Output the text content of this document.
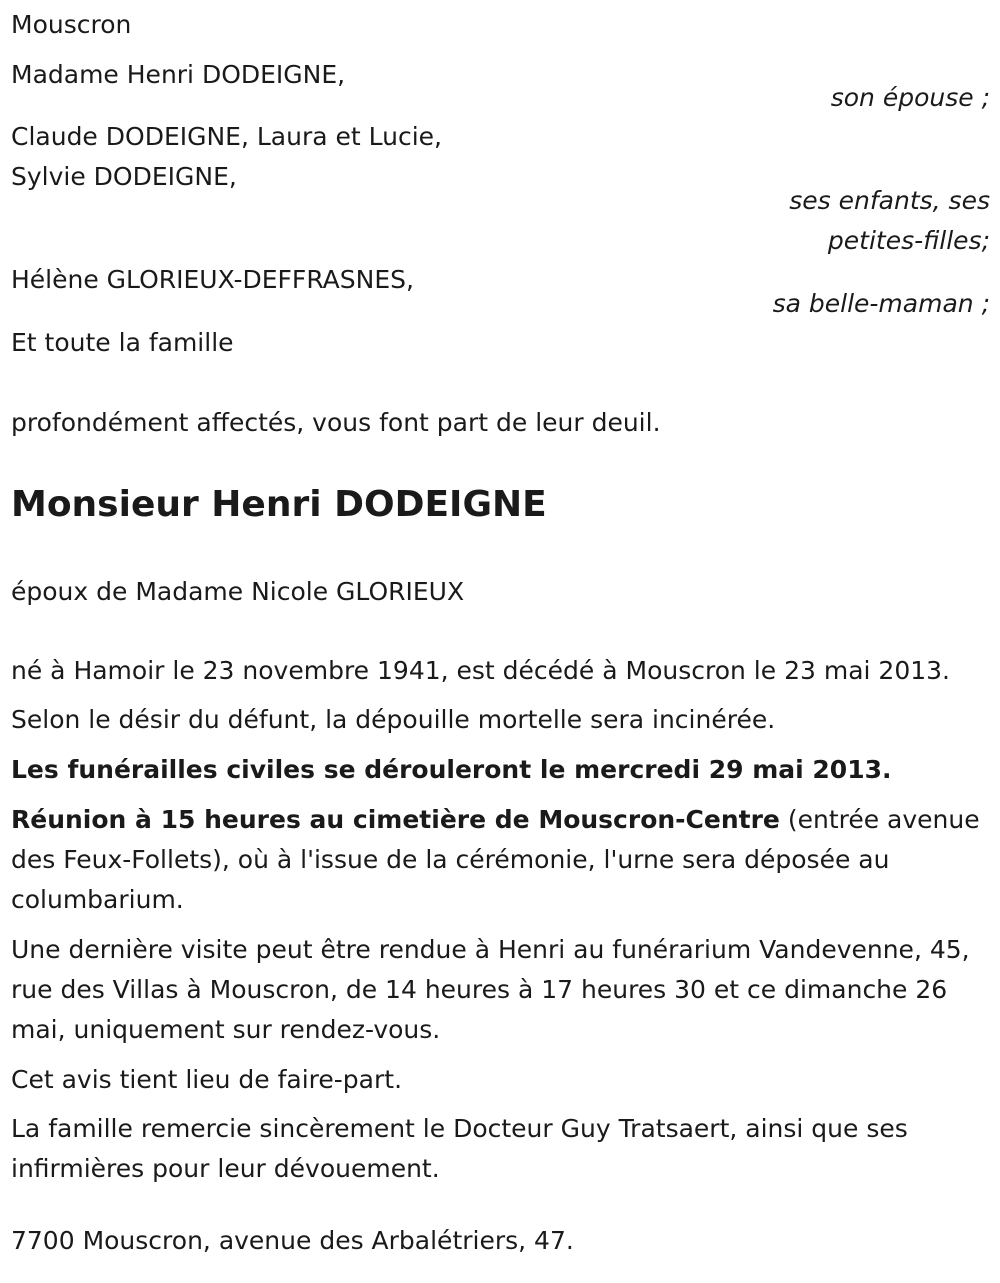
Mouscron
Madame Henri DODEIGNE,
son épouse ;
Claude DODEIGNE, Laura et Lucie,
Sylvie DODEIGNE,
ses enfants, ses
petites-filles;
Hélène GLORIEUX-DEFFRASNES,
sa belle-maman ;
Et toute la famille
profondément affectés, vous font part de leur deuil.
Monsieur Henri DODEIGNE
époux de Madame Nicole GLORIEUX
né à Hamoir le 23 novembre 1941, est décédé à Mouscron le 23 mai 2013.
Selon le désir du défunt, la dépouille mortelle sera incinérée.
Les funérailles civiles se dérouleront le mercredi 29 mai 2013.
Réunion à 15 heures au cimetière de Mouscron-Centre (entrée avenue des Feux-Follets), où à l'issue de la cérémonie, l'urne sera déposée au columbarium.
Une dernière visite peut être rendue à Henri au funérarium Vandevenne, 45, rue des Villas à Mouscron, de 14 heures à 17 heures 30 et ce dimanche 26 mai, uniquement sur rendez-vous.
Cet avis tient lieu de faire-part.
La famille remercie sincèrement le Docteur Guy Tratsaert, ainsi que ses infirmières pour leur dévouement.
7700 Mouscron, avenue des Arbalétriers, 47.
